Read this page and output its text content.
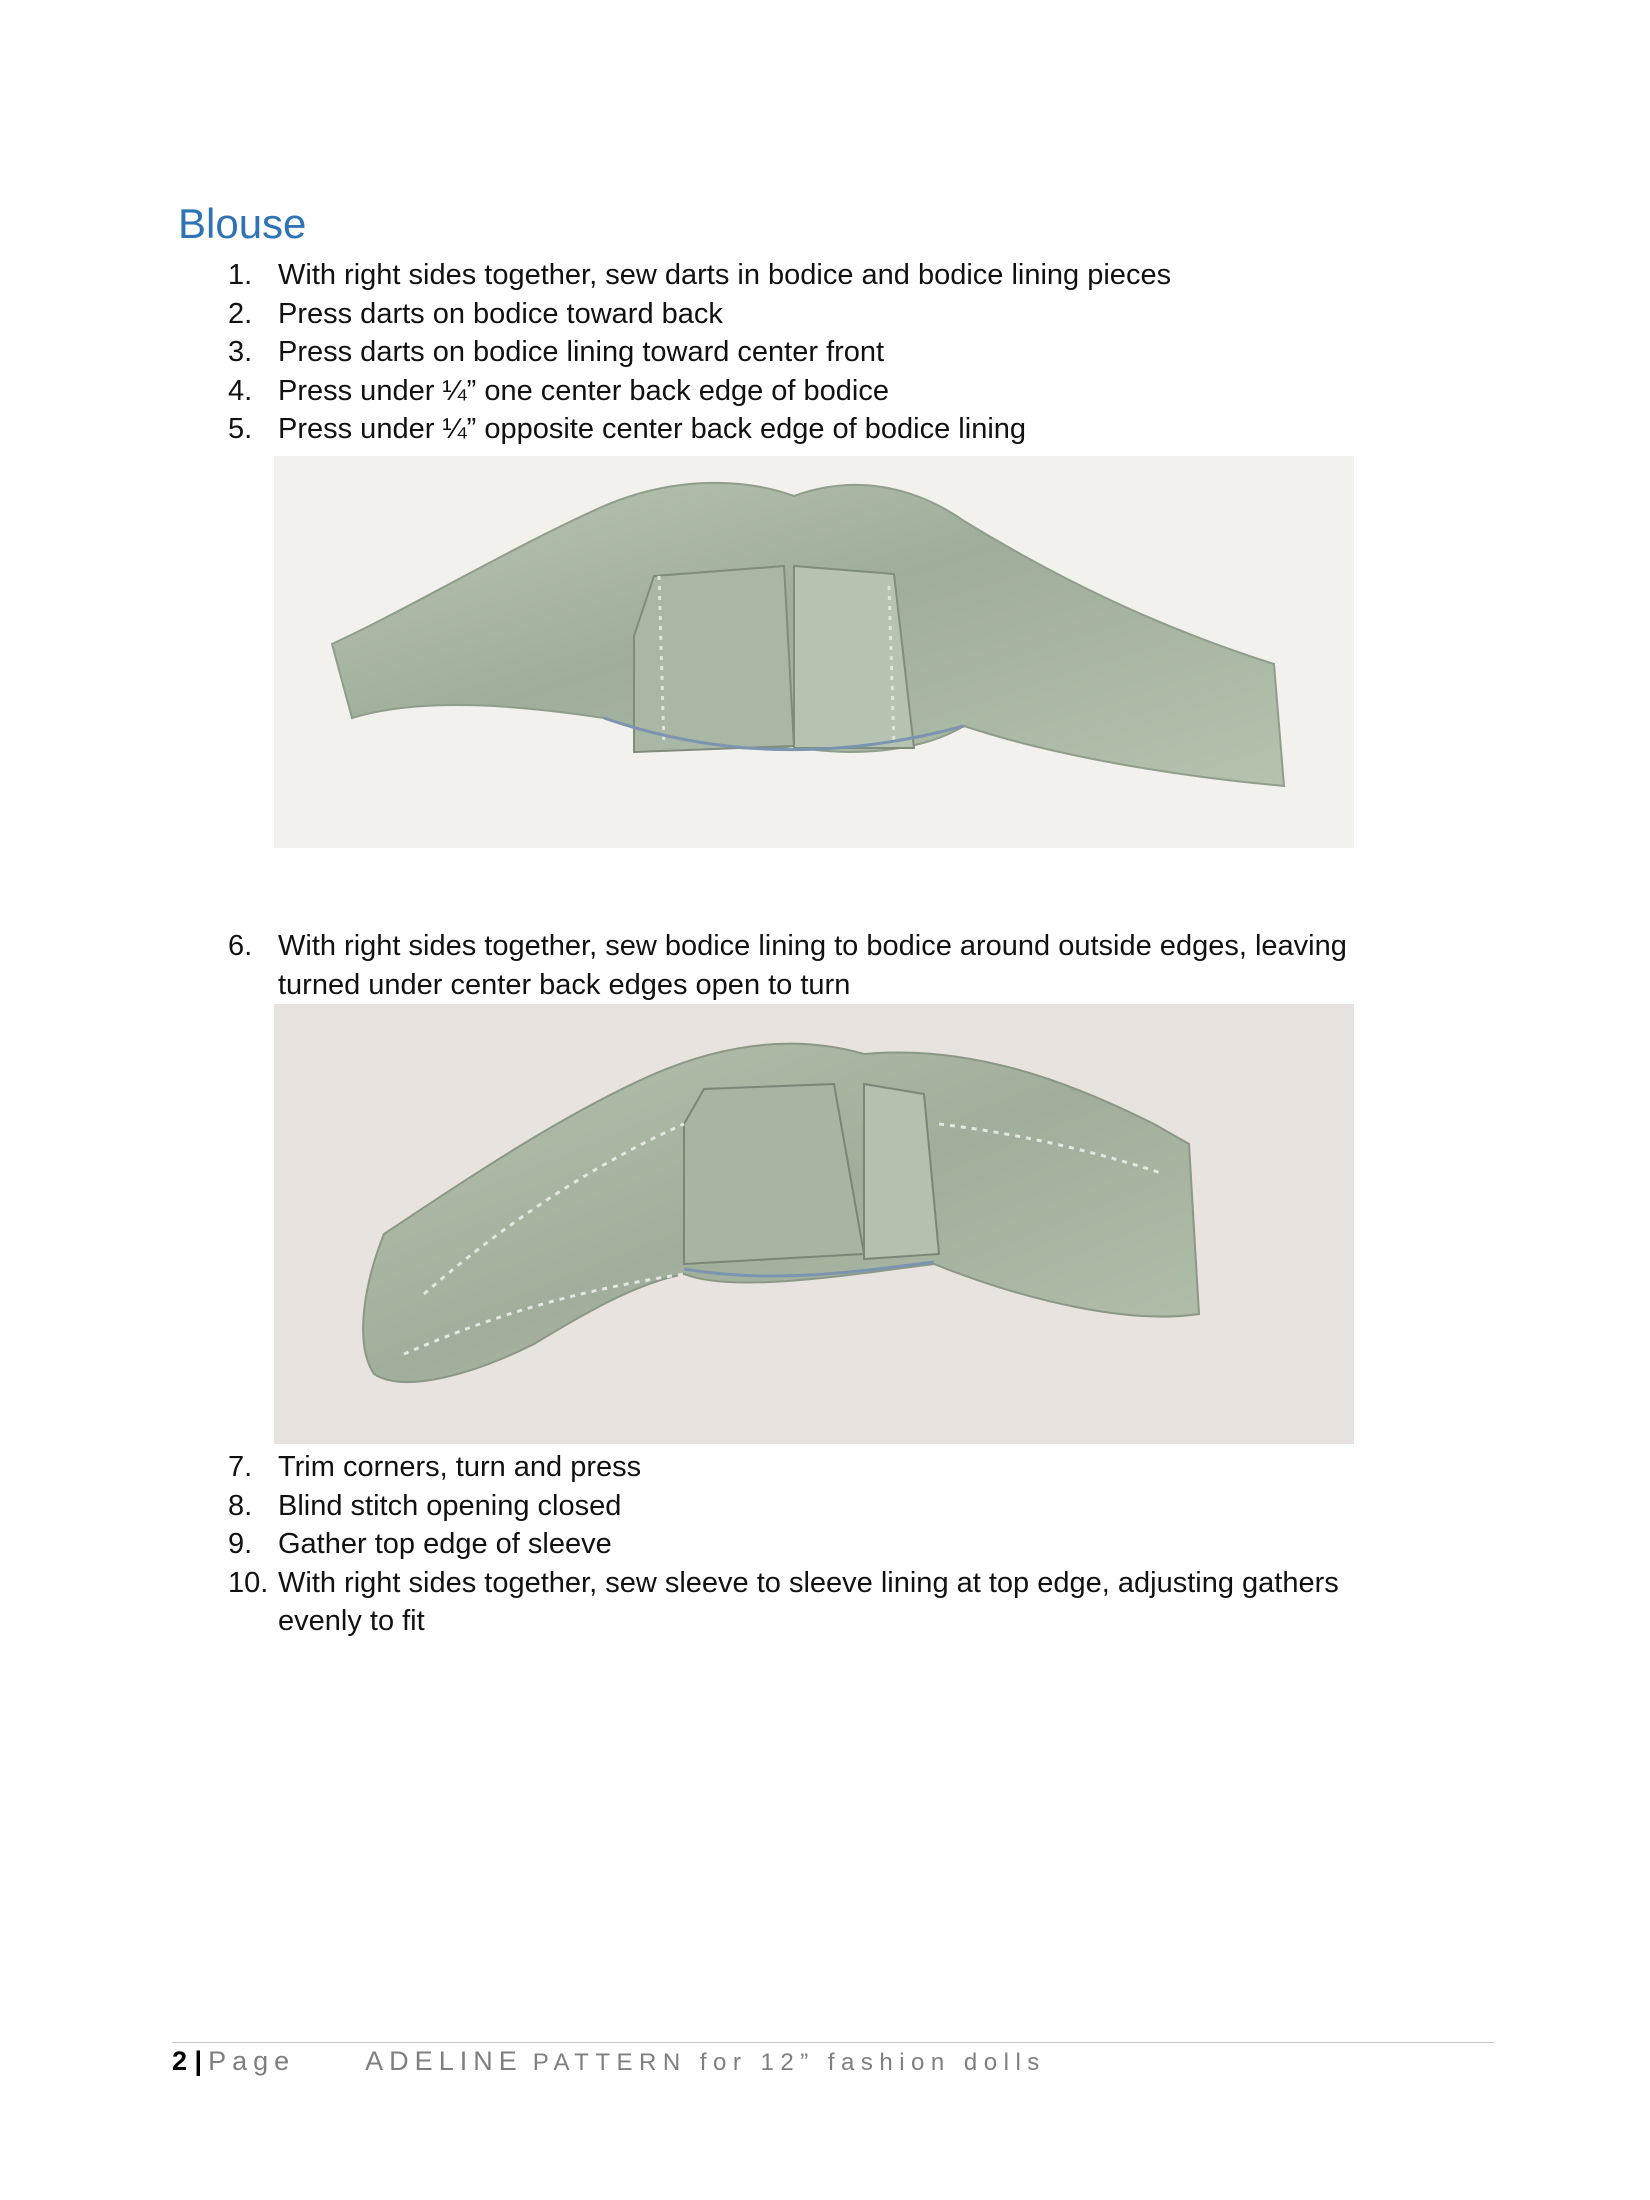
Blouse
1. With right sides together, sew darts in bodice and bodice lining pieces
2. Press darts on bodice toward back
3. Press darts on bodice lining toward center front
4. Press under ¼” one center back edge of bodice
5. Press under ¼” opposite center back edge of bodice lining
6. With right sides together, sew bodice lining to bodice around outside edges, leaving turned under center back edges open to turn
7. Trim corners, turn and press
8. Blind stitch opening closed
9. Gather top edge of sleeve
10. With right sides together, sew sleeve to sleeve lining at top edge, adjusting gathers evenly to fit
2 | Page	ADELINE PATTERN for 12” fashion dolls
